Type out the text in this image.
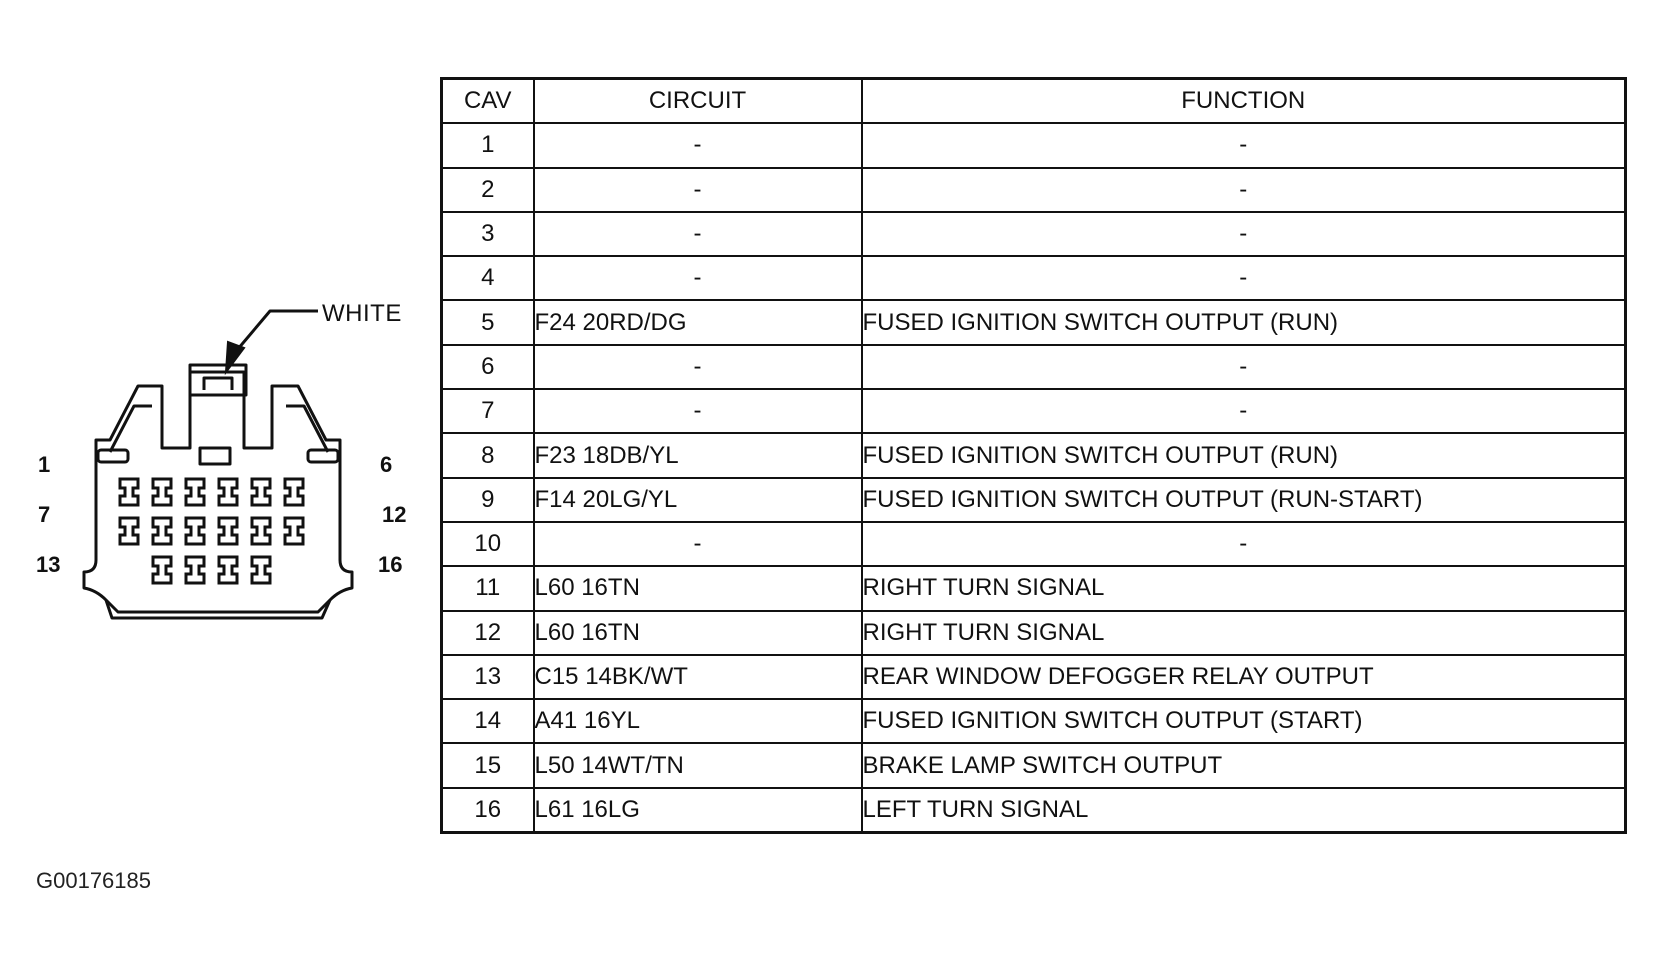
WHITE
1	6
7	12
13	16
CAV	CIRCUIT	FUNCTION
1	-	-
2	-	-
3	-	-
4	-	-
5	F24 20RD/DG	FUSED IGNITION SWITCH OUTPUT (RUN)
6	-	-
7	-	-
8	F23 18DB/YL	FUSED IGNITION SWITCH OUTPUT (RUN)
9	F14 20LG/YL	FUSED IGNITION SWITCH OUTPUT (RUN-START)
10	-	-
11	L60 16TN	RIGHT TURN SIGNAL
12	L60 16TN	RIGHT TURN SIGNAL
13	C15 14BK/WT	REAR WINDOW DEFOGGER RELAY OUTPUT
14	A41 16YL	FUSED IGNITION SWITCH OUTPUT (START)
15	L50 14WT/TN	BRAKE LAMP SWITCH OUTPUT
16	L61 16LG	LEFT TURN SIGNAL
G00176185
